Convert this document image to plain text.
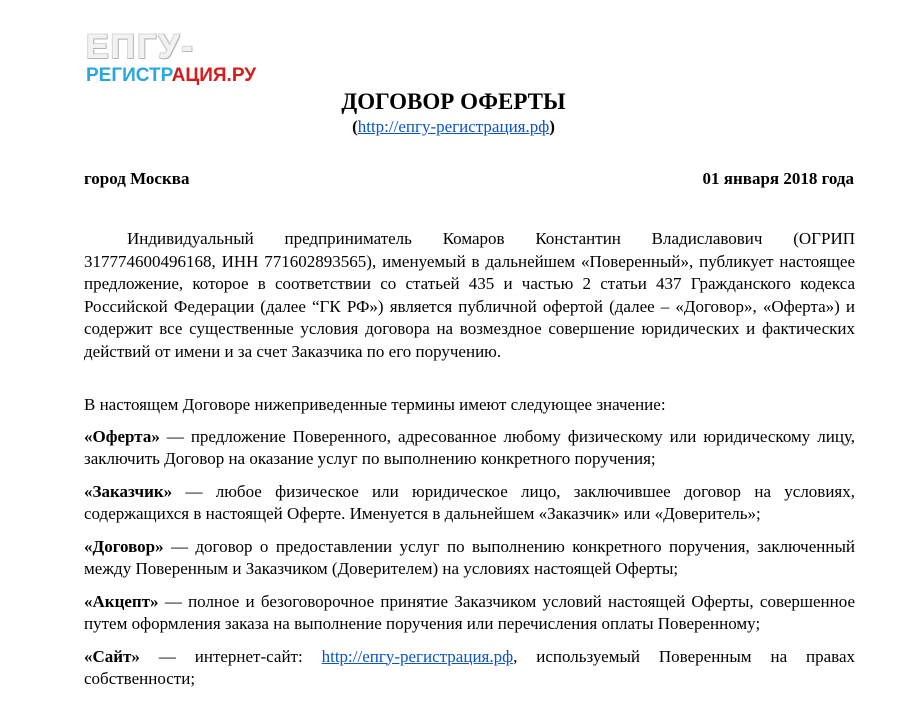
ЕПГУ-
РЕГИСТРАЦИЯ.РУ
ДОГОВОР ОФЕРТЫ
(http://епгу-регистрация.рф)
город Москва	01 января 2018 года
Индивидуальный предприниматель Комаров Константин Владиславович (ОГРИП 317774600496168, ИНН 771602893565), именуемый в дальнейшем «Поверенный», публикует настоящее предложение, которое в соответствии со статьей 435 и частью 2 статьи 437 Гражданского кодекса Российской Федерации (далее “ГК РФ») является публичной офертой (далее – «Договор», «Оферта») и содержит все существенные условия договора на возмездное совершение юридических и фактических действий от имени и за счет Заказчика по его поручению.
В настоящем Договоре нижеприведенные термины имеют следующее значение:
«Оферта» — предложение Поверенного, адресованное любому физическому или юридическому лицу, заключить Договор на оказание услуг по выполнению конкретного поручения;
«Заказчик» — любое физическое или юридическое лицо, заключившее договор на условиях, содержащихся в настоящей Оферте. Именуется в дальнейшем «Заказчик» или «Доверитель»;
«Договор» — договор о предоставлении услуг по выполнению конкретного поручения, заключенный между Поверенным и Заказчиком (Доверителем) на условиях настоящей Оферты;
«Акцепт» — полное и безоговорочное принятие Заказчиком условий настоящей Оферты, совершенное путем оформления заказа на выполнение поручения или перечисления оплаты Поверенному;
«Сайт» — интернет-сайт: http://епгу-регистрация.рф, используемый Поверенным на правах собственности;
